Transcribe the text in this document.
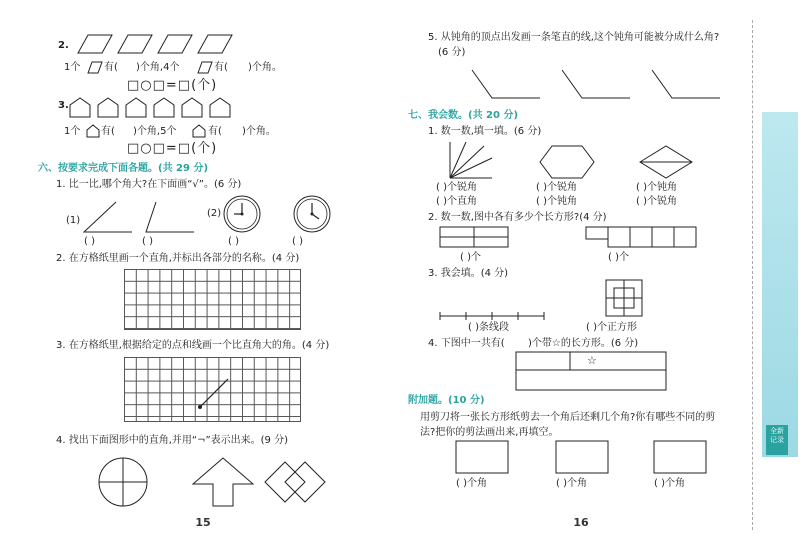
2.
1个 有( )个角,4个	有( )个角。
□○□=□(个)
3.
1个 有( )个角,5个	有( )个角。
□○□=□(个)
六、按要求完成下面各题。(共 29 分)
1. 比一比,哪个角大?在下面画“√”。(6 分)
(1)
( )	( )
(2)
( )	( )
2. 在方格纸里画一个直角,并标出各部分的名称。(4 分)
3. 在方格纸里,根据给定的点和线画一个比直角大的角。(4 分)
4. 找出下面图形中的直角,并用“¬”表示出来。(9 分)
15
5. 从钝角的顶点出发画一条笔直的线,这个钝角可能被分成什么角?
(6 分)
七、我会数。(共 20 分)
1. 数一数,填一填。(6 分)
( )个锐角
( )个直角
( )个锐角
( )个钝角
( )个钝角
( )个锐角
2. 数一数,图中各有多少个长方形?(4 分)
( )个	( )个
3. 我会填。(4 分)
( )条线段	( )个正方形
4. 下图中一共有( )个带☆的长方形。(6 分)
☆
附加题。(10 分)
用剪刀将一张长方形纸剪去一个角后还剩几个角?你有哪些不同的剪
法?把你的剪法画出来,再填空。
( )个角	( )个角	( )个角
16
全新
记录
